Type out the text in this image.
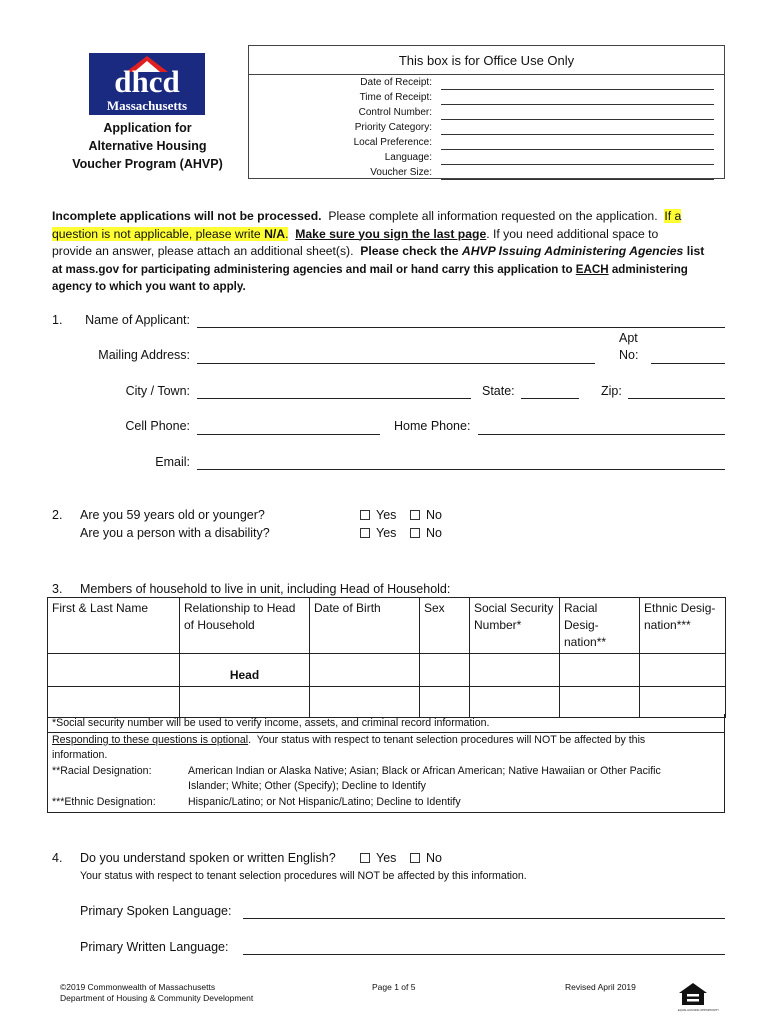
dhcd
Massachusetts
Application for
Alternative Housing
Voucher Program (AHVP)
This box is for Office Use Only
Date of Receipt:
Time of Receipt:
Control Number:
Priority Category:
Local Preference:
Language:
Voucher Size:
Incomplete applications will not be processed.  Please complete all information requested on the application.  If a
question is not applicable, please write N/A. Make sure you sign the last page. If you need additional space to
provide an answer, please attach an additional sheet(s).  Please check the AHVP Issuing Administering Agencies list
at mass.gov for participating administering agencies and mail or hand carry this application to EACH administering
agency to which you want to apply.
1.	Name of Applicant:
Mailing Address:
Apt
No:
City / Town:	State:	Zip:
Cell Phone:	Home Phone:
Email:
2. Are you 59 years old or younger?
Are you a person with a disability?
Yes	No
Yes	No
3. Members of household to live in unit, including Head of Household:
First & Last Name	Relationship to Head of Household	Date of Birth	Sex	Social Security Number*	Racial Desig-nation**	Ethnic Desig-nation***
	Head					

*Social security number will be used to verify income, assets, and criminal record information.
Responding to these questions is optional.  Your status with respect to tenant selection procedures will NOT be affected by this
information.
**Racial Designation:	American Indian or Alaska Native; Asian; Black or African American; Native Hawaiian or Other Pacific
Islander; White; Other (Specify); Decline to Identify
***Ethnic Designation:	Hispanic/Latino; or Not Hispanic/Latino; Decline to Identify
4. Do you understand spoken or written English?	Yes	No
Your status with respect to tenant selection procedures will NOT be affected by this information.
Primary Spoken Language:
Primary Written Language:
©2019 Commonwealth of Massachusetts
Department of Housing & Community Development
Page 1 of 5	Revised April 2019
EQUAL HOUSING OPPORTUNITY
